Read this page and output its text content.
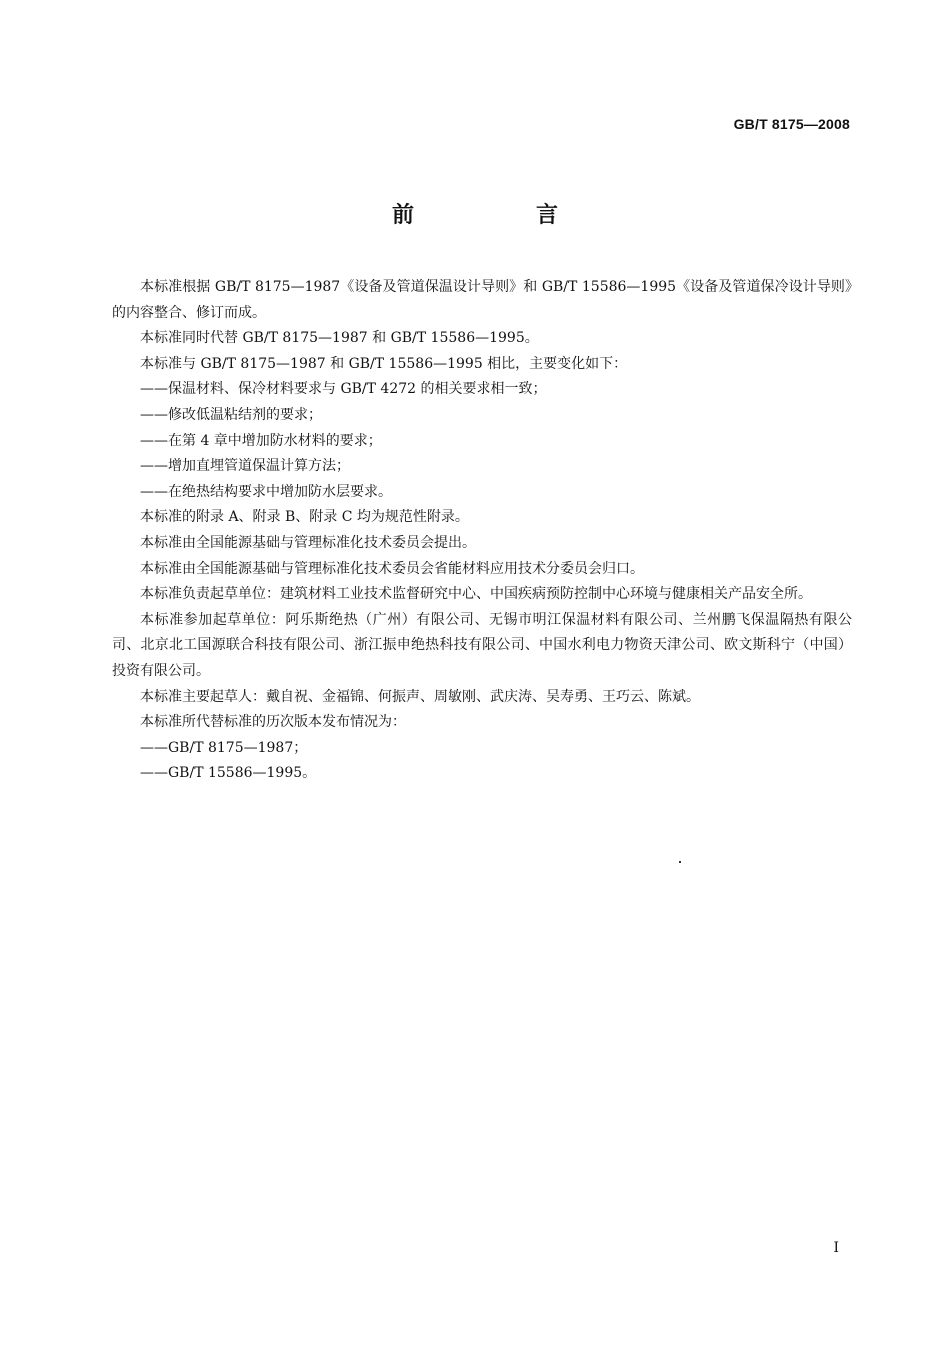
GB/T 8175—2008
前　言

本标准根据 GB/T 8175—1987《设备及管道保温设计导则》和 GB/T 15586—1995《设备及管道保冷设计导则》的内容整合、修订而成。

本标准同时代替 GB/T 8175—1987 和 GB/T 15586—1995。

本标准与 GB/T 8175—1987 和 GB/T 15586—1995 相比，主要变化如下：

——保温材料、保冷材料要求与 GB/T 4272 的相关要求相一致；

——修改低温粘结剂的要求；

——在第 4 章中增加防水材料的要求；

——增加直埋管道保温计算方法；

——在绝热结构要求中增加防水层要求。

本标准的附录 A、附录 B、附录 C 均为规范性附录。

本标准由全国能源基础与管理标准化技术委员会提出。

本标准由全国能源基础与管理标准化技术委员会省能材料应用技术分委员会归口。

本标准负责起草单位：建筑材料工业技术监督研究中心、中国疾病预防控制中心环境与健康相关产品安全所。

本标准参加起草单位：阿乐斯绝热（广州）有限公司、无锡市明江保温材料有限公司、兰州鹏飞保温隔热有限公司、北京北工国源联合科技有限公司、浙江振申绝热科技有限公司、中国水利电力物资天津公司、欧文斯科宁（中国）投资有限公司。

本标准主要起草人：戴自祝、金福锦、何振声、周敏刚、武庆涛、吴寿勇、王巧云、陈斌。

本标准所代替标准的历次版本发布情况为：

——GB/T 8175—1987；

——GB/T 15586—1995。

I
